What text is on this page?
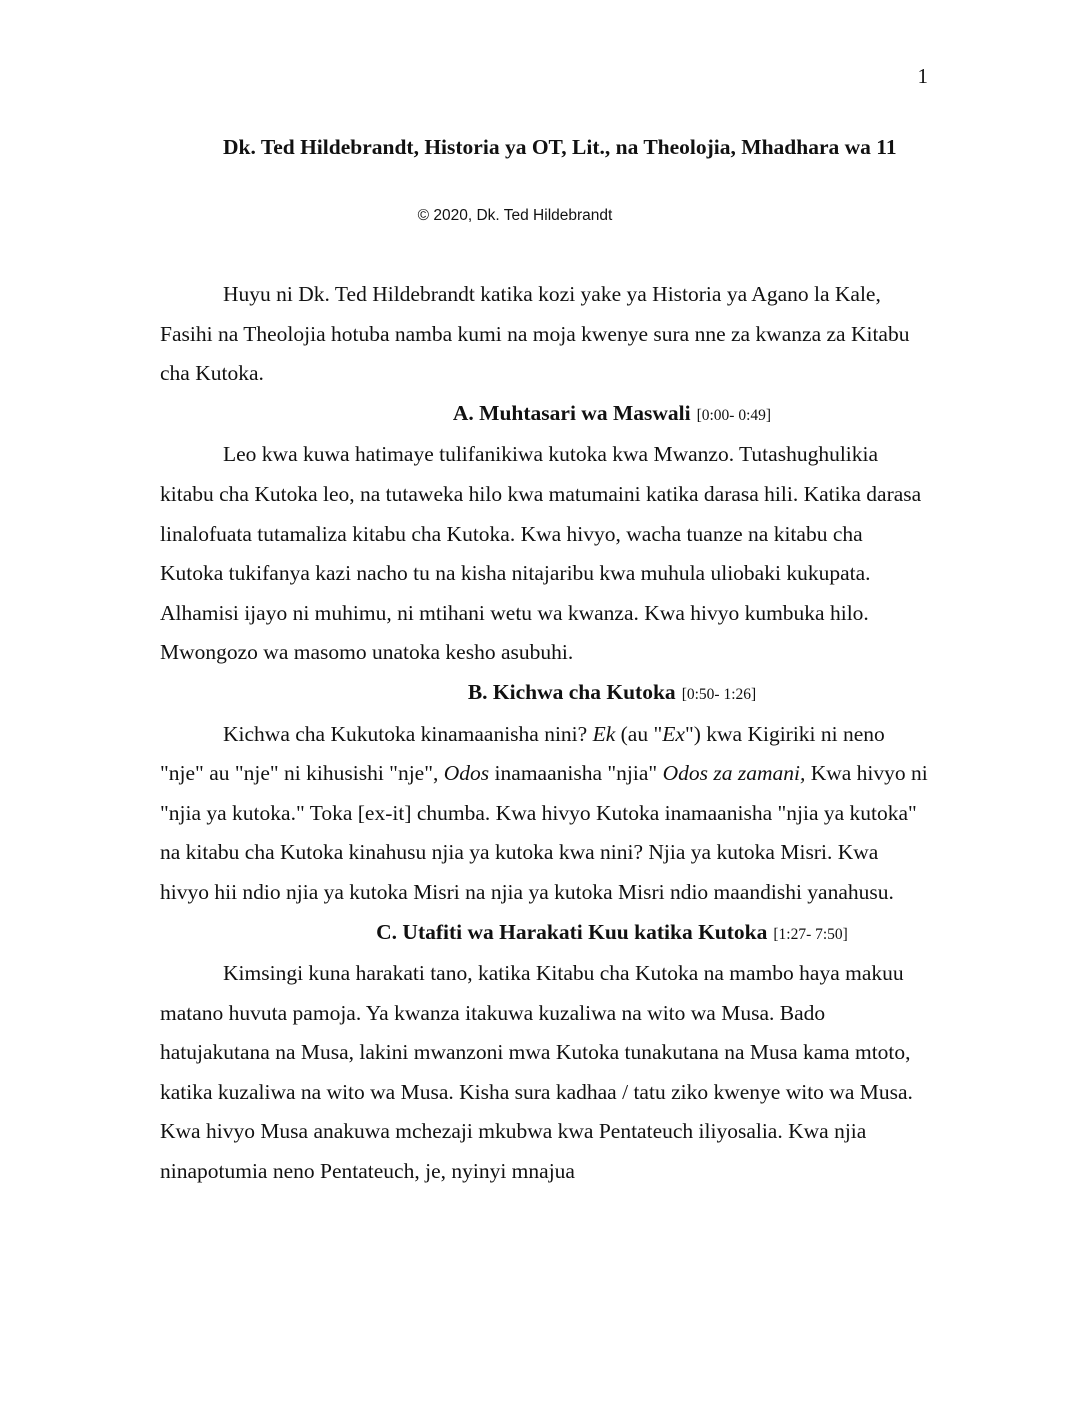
1

Dk. Ted Hildebrandt, Historia ya OT, Lit., na Theolojia, Mhadhara wa 11

© 2020, Dk. Ted Hildebrandt

Huyu ni Dk. Ted Hildebrandt katika kozi yake ya Historia ya Agano la Kale, Fasihi na Theolojia hotuba namba kumi na moja kwenye sura nne za kwanza za Kitabu cha Kutoka.

A. Muhtasari wa Maswali [0:00- 0:49]

Leo kwa kuwa hatimaye tulifanikiwa kutoka kwa Mwanzo. Tutashughulikia kitabu cha Kutoka leo, na tutaweka hilo kwa matumaini katika darasa hili. Katika darasa linalofuata tutamaliza kitabu cha Kutoka. Kwa hivyo, wacha tuanze na kitabu cha Kutoka tukifanya kazi nacho tu na kisha nitajaribu kwa muhula uliobaki kukupata. Alhamisi ijayo ni muhimu, ni mtihani wetu wa kwanza. Kwa hivyo kumbuka hilo. Mwongozo wa masomo unatoka kesho asubuhi.

B. Kichwa cha Kutoka [0:50- 1:26]

Kichwa cha Kukutoka kinamaanisha nini? Ek (au "Ex") kwa Kigiriki ni neno "nje" au "nje" ni kihusishi "nje", Odos inamaanisha "njia" Odos za zamani, Kwa hivyo ni "njia ya kutoka." Toka [ex-it] chumba. Kwa hivyo Kutoka inamaanisha "njia ya kutoka" na kitabu cha Kutoka kinahusu njia ya kutoka kwa nini? Njia ya kutoka Misri. Kwa hivyo hii ndio njia ya kutoka Misri na njia ya kutoka Misri ndio maandishi yanahusu.

C. Utafiti wa Harakati Kuu katika Kutoka [1:27- 7:50]

Kimsingi kuna harakati tano, katika Kitabu cha Kutoka na mambo haya makuu matano huvuta pamoja. Ya kwanza itakuwa kuzaliwa na wito wa Musa. Bado hatujakutana na Musa, lakini mwanzoni mwa Kutoka tunakutana na Musa kama mtoto, katika kuzaliwa na wito wa Musa. Kisha sura kadhaa / tatu ziko kwenye wito wa Musa. Kwa hivyo Musa anakuwa mchezaji mkubwa kwa Pentateuch iliyosalia. Kwa njia ninapotumia neno Pentateuch, je, nyinyi mnajua
